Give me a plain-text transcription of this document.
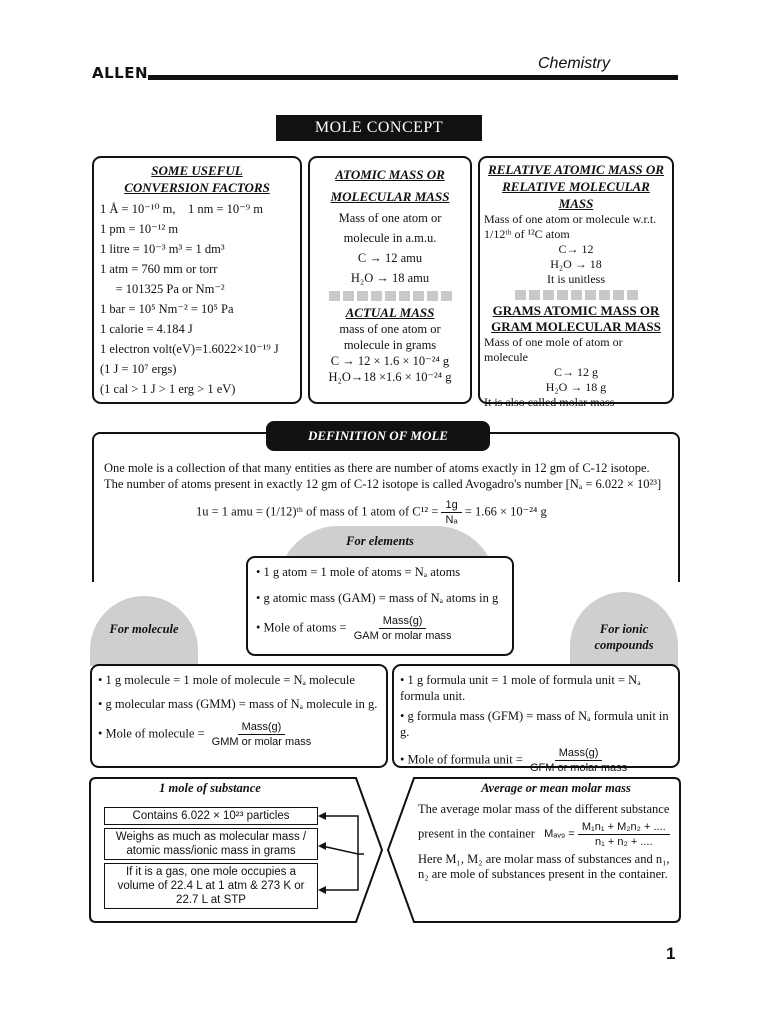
ALLEN
Chemistry
MOLE CONCEPT
SOME USEFUL
CONVERSION FACTORS
1 Å = 10⁻¹⁰ m,    1 nm = 10⁻⁹ m
1 pm = 10⁻¹² m
1 litre = 10⁻³ m³ = 1 dm³
1 atm = 760 mm or torr
= 101325 Pa or Nm⁻²
1 bar = 10⁵ Nm⁻² = 10⁵ Pa
1 calorie = 4.184 J
1 electron volt(eV)=1.6022×10⁻¹⁹ J
(1 J = 10⁷ ergs)
(1 cal > 1 J > 1 erg > 1 eV)
ATOMIC MASS OR
MOLECULAR MASS
Mass of one atom or
molecule in a.m.u.
C → 12 amu
H₂O → 18 amu
ACTUAL MASS
mass of one atom or
molecule in grams
C → 12 × 1.6 × 10⁻²⁴ g
H₂O→18 ×1.6 × 10⁻²⁴ g
RELATIVE ATOMIC MASS OR
RELATIVE MOLECULAR MASS
Mass of one atom or molecule w.r.t.
1/12ᵗʰ of ¹²C atom
C→ 12
H₂O → 18
It is unitless
GRAMS ATOMIC MASS OR
GRAM MOLECULAR MASS
Mass of one mole of atom or
molecule
C→ 12 g
H₂O → 18 g
It is also called molar mass
DEFINITION OF MOLE
One mole is a collection of that many entities as there are number of atoms exactly in 12 gm of C-12 isotope.
The number of atoms present in exactly 12 gm of C-12 isotope is called Avogadro's number [Nₐ = 6.022 × 10²³]
1u = 1 amu = (1/12)ᵗʰ of mass of 1 atom of $C^{12} = \frac{1g}{\text{Nₐ}} = 1.66 \times 10^{-24}$ g
For elements
For molecule	For ionic
compounds
• 1 g atom = 1 mole of atoms = Nₐ atoms
• g atomic mass (GAM) = mass of Nₐ atoms in g
• Mole of atoms = $\frac{\text{Mass(g)}}{\text{GAM or molar mass}}$
• 1 g molecule = 1 mole of molecule = Nₐ molecule
• g molecular mass (GMM) = mass of Nₐ molecule in g.
• Mole of molecule = $\frac{\text{Mass(g)}}{\text{GMM or molar mass}}$
• 1 g formula unit = 1 mole of formula unit = Nₐ formula unit.
• g formula mass (GFM) = mass of Nₐ formula unit in g.
• Mole of formula unit = $\frac{\text{Mass(g)}}{\text{GFM or molar mass}}$
1 mole of substance
Contains 6.022 × 10²³ particles
Weighs as much as molecular mass / atomic mass/ionic mass in grams
If it is a gas, one mole occupies a volume of 22.4 L at 1 atm & 273 K or 22.7 L at STP
Average or mean molar mass
The average molar mass of the different substance
present in the container Mₐᵥ₉ = $\frac{\text{M₁n₁ + M₂n₂ + ....}}{\text{n₁ + n₂ + ....}}$
Here M₁, M₂ are molar mass of substances and n₁, n₂ are mole of substances present in the container.
1
